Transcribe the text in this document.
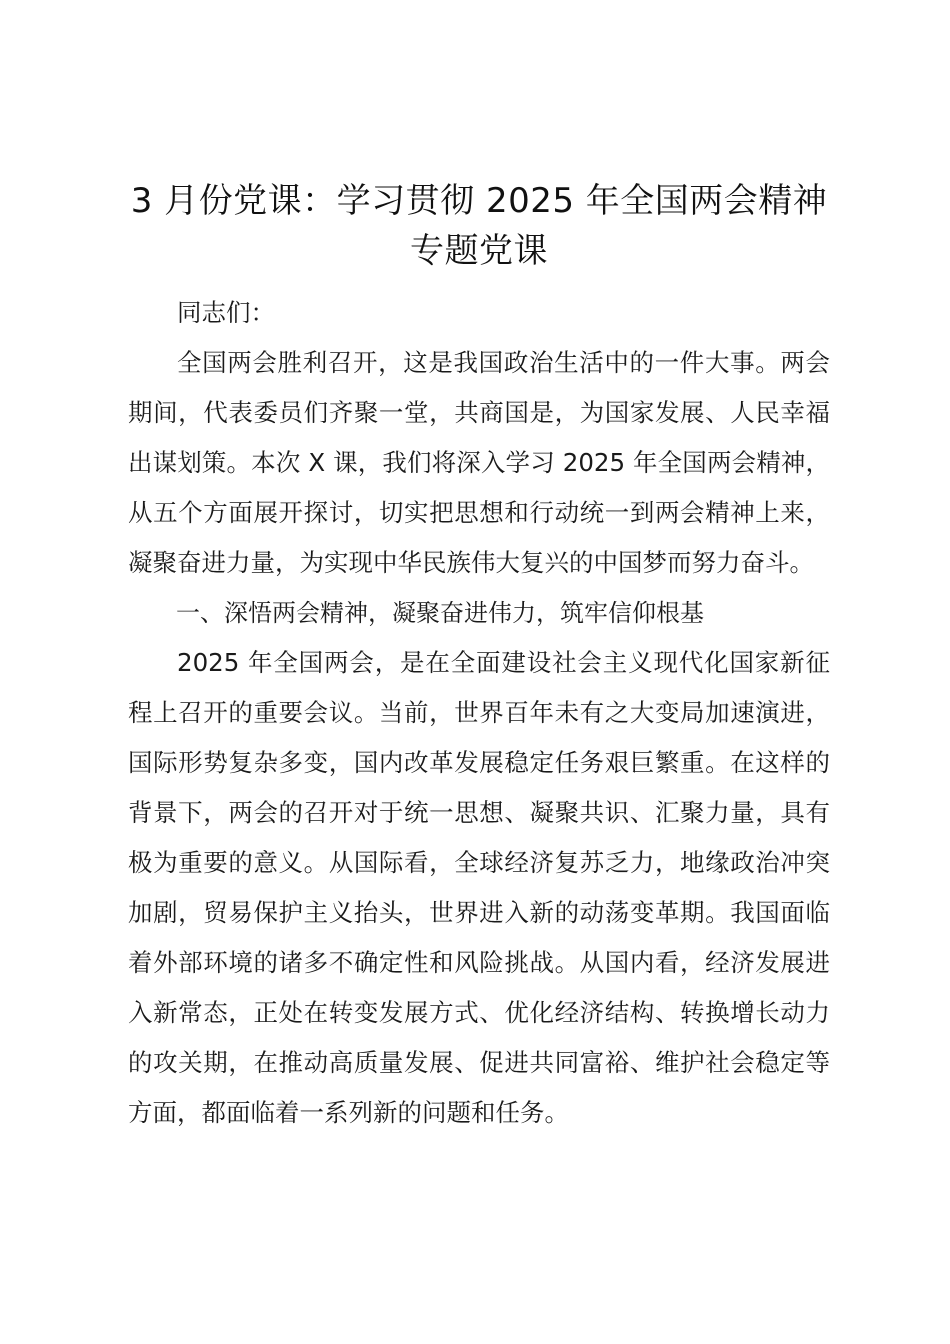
3 月份党课：学习贯彻 2025 年全国两会精神
专题党课

同志们：

全国两会胜利召开，这是我国政治生活中的一件大事。两会期间，代表委员们齐聚一堂，共商国是，为国家发展、人民幸福出谋划策。本次 X 课，我们将深入学习 2025 年全国两会精神，从五个方面展开探讨，切实把思想和行动统一到两会精神上来，凝聚奋进力量，为实现中华民族伟大复兴的中国梦而努力奋斗。

一、深悟两会精神，凝聚奋进伟力，筑牢信仰根基

2025 年全国两会，是在全面建设社会主义现代化国家新征程上召开的重要会议。当前，世界百年未有之大变局加速演进，国际形势复杂多变，国内改革发展稳定任务艰巨繁重。在这样的背景下，两会的召开对于统一思想、凝聚共识、汇聚力量，具有极为重要的意义。从国际看，全球经济复苏乏力，地缘政治冲突加剧，贸易保护主义抬头，世界进入新的动荡变革期。我国面临着外部环境的诸多不确定性和风险挑战。从国内看，经济发展进入新常态，正处在转变发展方式、优化经济结构、转换增长动力的攻关期，在推动高质量发展、促进共同富裕、维护社会稳定等方面，都面临着一系列新的问题和任务。
